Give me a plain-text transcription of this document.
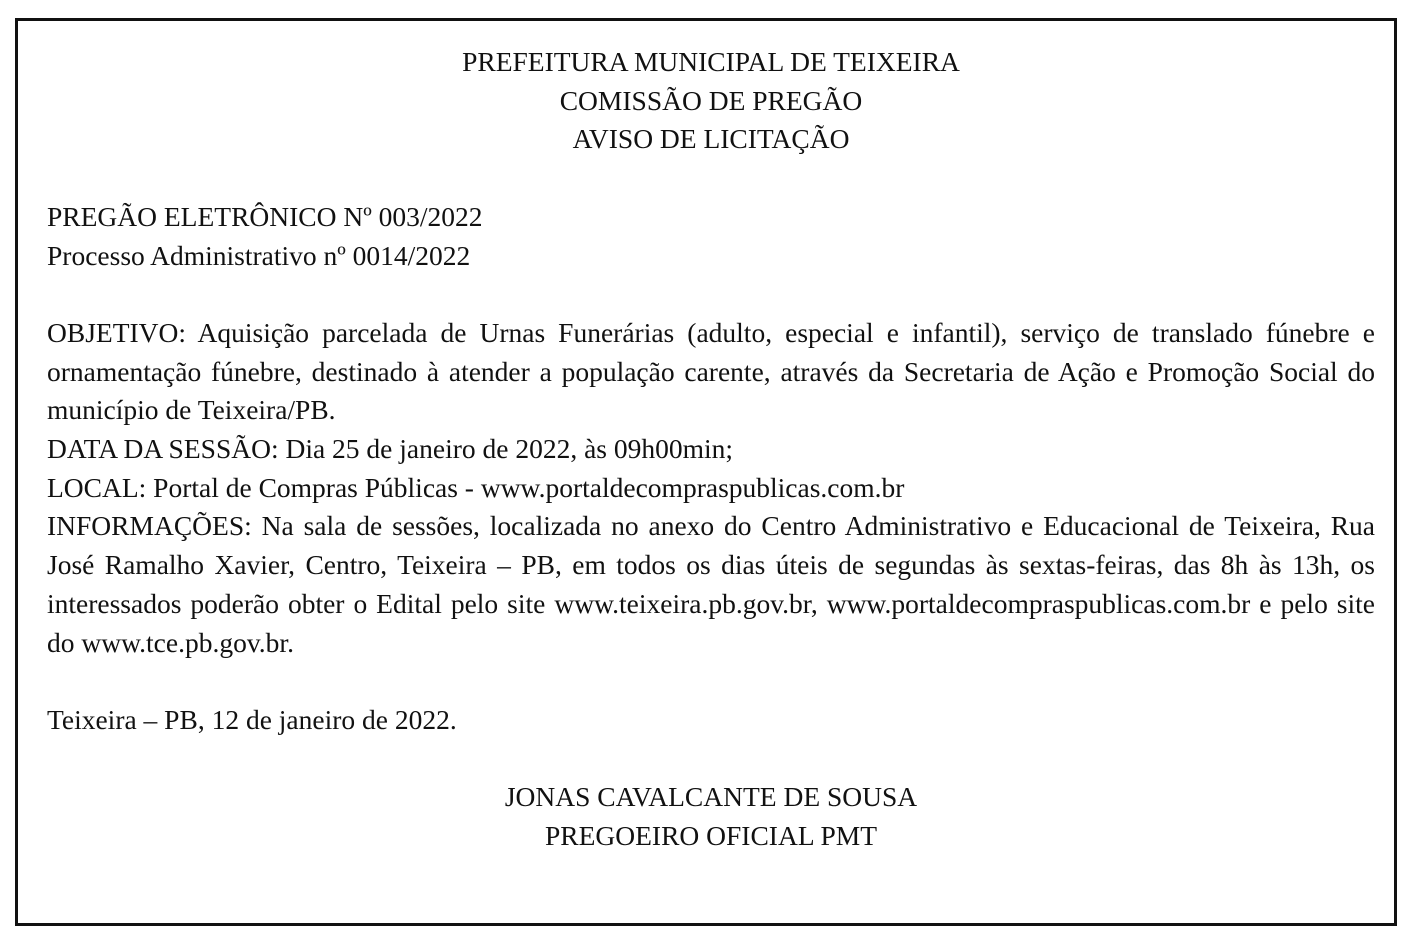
PREFEITURA MUNICIPAL DE TEIXEIRA

COMISSÃO DE PREGÃO

AVISO DE LICITAÇÃO

PREGÃO ELETRÔNICO Nº 003/2022

Processo Administrativo nº 0014/2022

OBJETIVO: Aquisição parcelada de Urnas Funerárias (adulto, especial e infantil), serviço de translado fúnebre e ornamentação fúnebre, destinado à atender a população carente, através da Secretaria de Ação e Promoção Social do município de Teixeira/PB.

DATA DA SESSÃO: Dia 25 de janeiro de 2022, às 09h00min;

LOCAL: Portal de Compras Públicas - www.portaldecompraspublicas.com.br

INFORMAÇÕES: Na sala de sessões, localizada no anexo do Centro Administrativo e Educacional de Teixeira, Rua José Ramalho Xavier, Centro, Teixeira – PB, em todos os dias úteis de segundas às sextas-feiras, das 8h às 13h, os interessados poderão obter o Edital pelo site www.teixeira.pb.gov.br, www.portaldecompraspublicas.com.br e pelo site do www.tce.pb.gov.br.

Teixeira – PB, 12 de janeiro de 2022.

JONAS CAVALCANTE DE SOUSA

PREGOEIRO OFICIAL PMT
